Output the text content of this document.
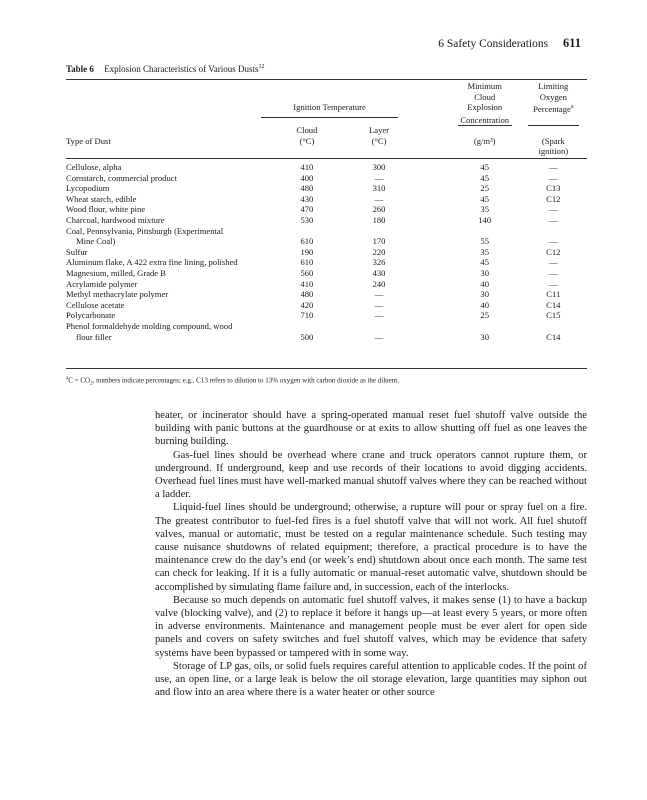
6 Safety Considerations 611
Table 6 Explosion Characteristics of Various Dusts$^{12}$
				Minimum	Limiting
				Cloud	Oxygen
	Ignition Temperature			Explosion	Percentage$^a$

			Concentration	
	Cloud	Layer		

Type of Dust	(°C)	(°C)		(g/m³)	(Spark
ignition)

Cellulose, alpha	410	300		45	—
Cornstarch, commercial product	400	—		45	—
Lycopodium	480	310		25	C13
Wheat starch, edible	430	—		45	C12
Wood flour, white pine	470	260		35	—
Charcoal, hardwood mixture	530	180		140	—
Coal, Pennsylvania, Pittsburgh (Experimental
Mine Coal)	610	170		55	—
Sulfur	190	220		35	C12
Aluminum flake, A 422 extra fine lining, polished	610	326		45	—
Magnesium, milled, Grade B	560	430		30	—
Acrylamide polymer	410	240		40	—
Methyl methacrylate polymer	480	—		30	C11
Cellulose acetate	420	—		40	C14
Polycarbonate	710	—		25	C15
Phenol formaldehyde molding compound, wood
flour filler	500	—		30	C14
$^aC = CO_2$, numbers indicate percentages; e.g., C13 refers to dilution to 13% oxygen with carbon dioxide as the diluent.

heater, or incinerator should have a spring-operated manual reset fuel shutoff valve outside the building with panic buttons at the guardhouse or at exits to allow shutting off fuel as one leaves the burning building.

Gas-fuel lines should be overhead where crane and truck operators cannot rupture them, or underground. If underground, keep and use records of their locations to avoid digging accidents. Overhead fuel lines must have well-marked manual shutoff valves where they can be reached without a ladder.

Liquid-fuel lines should be underground; otherwise, a rupture will pour or spray fuel on a fire. The greatest contributor to fuel-fed fires is a fuel shutoff valve that will not work. All fuel shutoff valves, manual or automatic, must be tested on a regular maintenance schedule. Such testing may cause nuisance shutdowns of related equipment; therefore, a practical procedure is to have the maintenance crew do the day’s end (or week’s end) shutdown about once each month. The same test can check for leaking. If it is a fully automatic or manual-reset automatic valve, shutdown should be accomplished by simulating flame failure and, in succession, each of the interlocks.

Because so much depends on automatic fuel shutoff valves, it makes sense (1) to have a backup valve (blocking valve), and (2) to replace it before it hangs up—at least every 5 years, or more often in adverse environments. Maintenance and management people must be ever alert for open side panels and covers on safety switches and fuel shutoff valves, which may be evidence that safety systems have been bypassed or tampered with in some way.

Storage of LP gas, oils, or solid fuels requires careful attention to applicable codes. If the point of use, an open line, or a large leak is below the oil storage elevation, large quantities may siphon out and flow into an area where there is a water heater or other source
